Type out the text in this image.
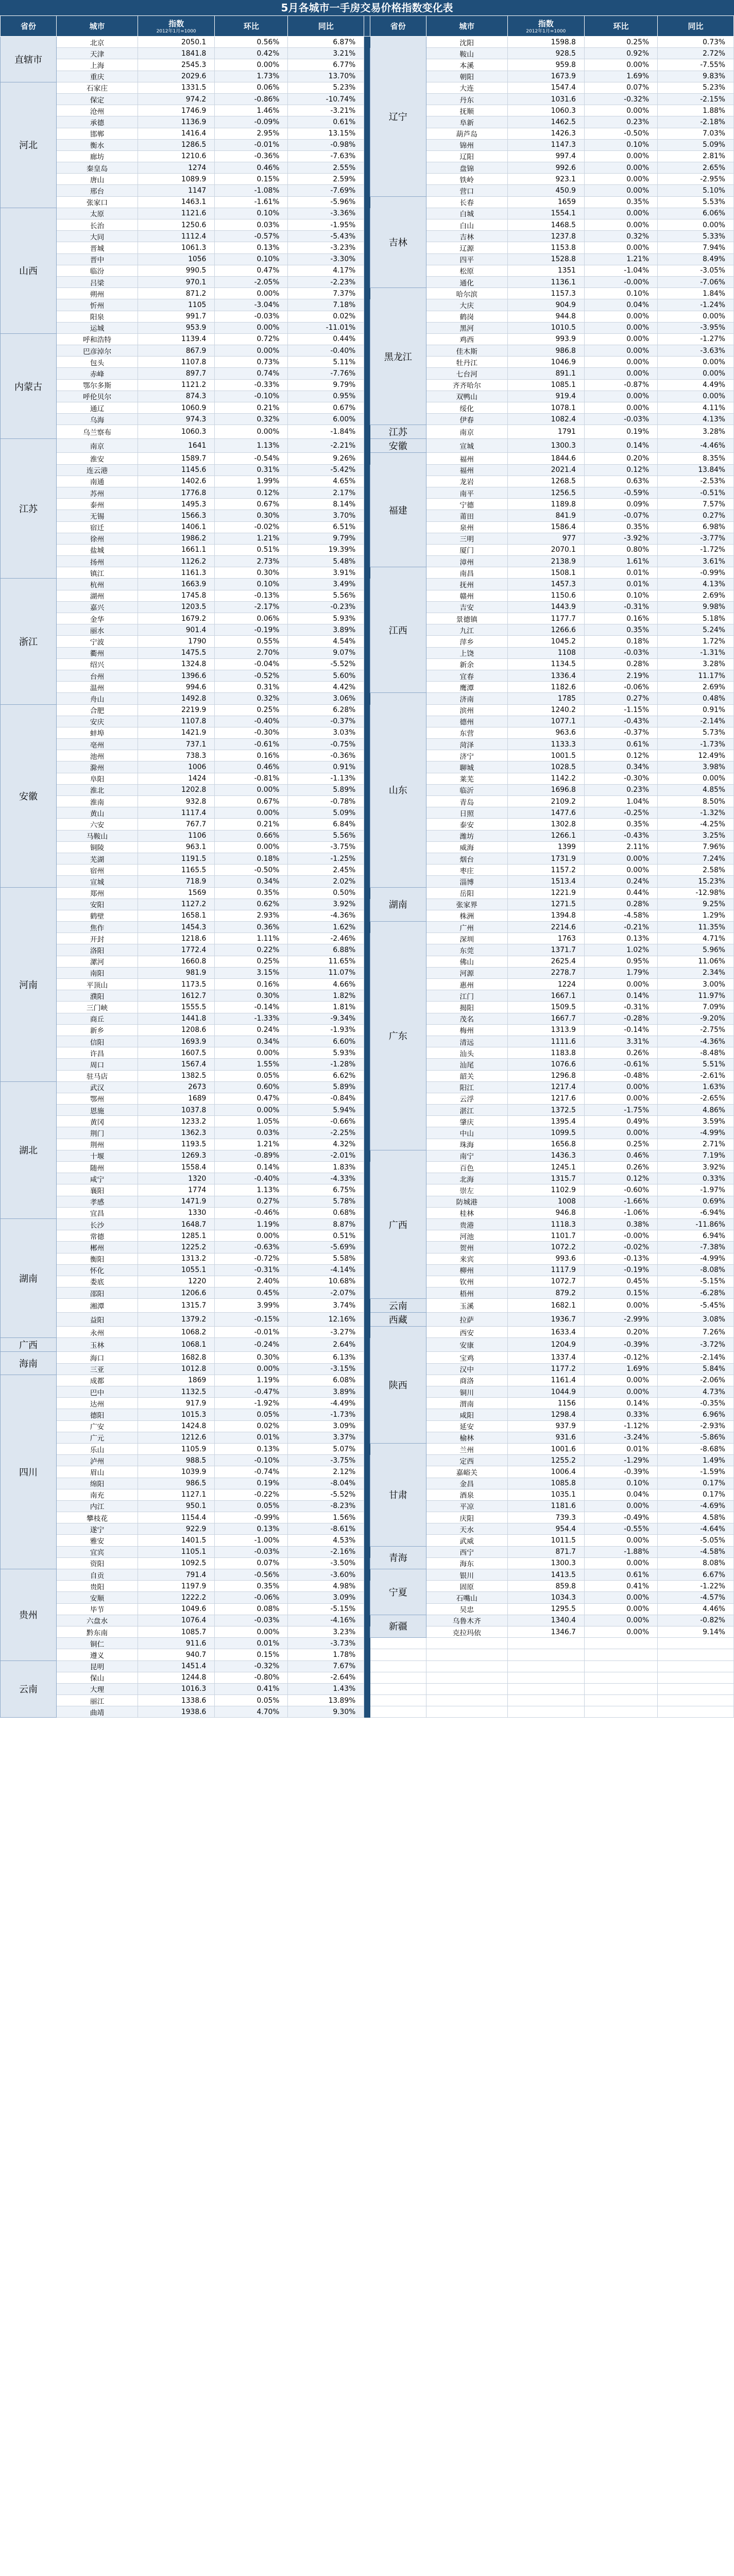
5月各城市一手房交易价格指数变化表
省份	城市	指数
2012年1月=1000	环比	同比		省份	城市	指数
2012年1月=1000	环比	同比
直辖市	北京	2050.1	0.56%	6.87%		辽宁	沈阳	1598.8	0.25%	0.73%
	天津	1841.8	0.42%	3.21%			鞍山	928.5	0.92%	2.72%
	上海	2545.3	0.00%	6.77%			本溪	959.8	0.00%	-7.55%
	重庆	2029.6	1.73%	13.70%			朝阳	1673.9	1.69%	9.83%
河北	石家庄	1331.5	0.06%	5.23%			大连	1547.4	0.07%	5.23%
	保定	974.2	-0.86%	-10.74%			丹东	1031.6	-0.32%	-2.15%
	沧州	1746.9	1.46%	-3.21%			抚顺	1060.3	0.00%	1.88%
	承德	1136.9	-0.09%	0.61%			阜新	1462.5	0.23%	-2.18%
	邯郸	1416.4	2.95%	13.15%			葫芦岛	1426.3	-0.50%	7.03%
	衡水	1286.5	-0.01%	-0.98%			锦州	1147.3	0.10%	5.09%
	廊坊	1210.6	-0.36%	-7.63%			辽阳	997.4	0.00%	2.81%
	秦皇岛	1274	0.46%	2.55%			盘锦	992.6	0.00%	2.65%
	唐山	1089.9	0.15%	2.59%			铁岭	923.1	0.00%	-2.95%
	邢台	1147	-1.08%	-7.69%			营口	450.9	0.00%	5.10%
	张家口	1463.1	-1.61%	-5.96%		吉林	长春	1659	0.35%	5.53%
山西	太原	1121.6	0.10%	-3.36%			白城	1554.1	0.00%	6.06%
	长治	1250.6	0.03%	-1.95%			白山	1468.5	0.00%	0.00%
	大同	1112.4	-0.57%	-5.43%			吉林	1237.8	0.32%	5.33%
	晋城	1061.3	0.13%	-3.23%			辽源	1153.8	0.00%	7.94%
	晋中	1056	0.10%	-3.30%			四平	1528.8	1.21%	8.49%
	临汾	990.5	0.47%	4.17%			松原	1351	-1.04%	-3.05%
	吕梁	970.1	-2.05%	-2.23%			通化	1136.1	-0.00%	-7.06%
	朔州	871.2	0.00%	7.37%		黑龙江	哈尔滨	1157.3	0.10%	1.84%
	忻州	1105	-3.04%	7.18%			大庆	904.9	0.04%	-1.24%
	阳泉	991.7	-0.03%	0.02%			鹤岗	944.8	0.00%	0.00%
	运城	953.9	0.00%	-11.01%			黑河	1010.5	0.00%	-3.95%
内蒙古	呼和浩特	1139.4	0.72%	0.44%			鸡西	993.9	0.00%	-1.27%
	巴彦淖尔	867.9	0.00%	-0.40%			佳木斯	986.8	0.00%	-3.63%
	包头	1107.8	0.73%	5.11%			牡丹江	1046.9	0.00%	0.00%
	赤峰	897.7	0.74%	-7.76%			七台河	891.1	0.00%	0.00%
	鄂尔多斯	1121.2	-0.33%	9.79%			齐齐哈尔	1085.1	-0.87%	4.49%
	呼伦贝尔	874.3	-0.10%	0.95%			双鸭山	919.4	0.00%	0.00%
	通辽	1060.9	0.21%	0.67%			绥化	1078.1	0.00%	4.11%
	乌海	974.3	0.32%	6.00%			伊春	1082.4	-0.03%	4.13%
	乌兰察布	1060.3	0.00%	-1.84%		江苏	南京	1791	0.19%	3.28%
江苏	南京	1641	1.13%	-2.21%		安徽	宣城	1300.3	0.14%	-4.46%
	淮安	1589.7	-0.54%	9.26%		福建	福州	1844.6	0.20%	8.35%
	连云港	1145.6	0.31%	-5.42%			福州	2021.4	0.12%	13.84%
	南通	1402.6	1.99%	4.65%			龙岩	1268.5	0.63%	-2.53%
	苏州	1776.8	0.12%	2.17%			南平	1256.5	-0.59%	-0.51%
	泰州	1495.3	0.67%	8.14%			宁德	1189.8	0.09%	7.57%
	无锡	1566.3	0.30%	3.70%			莆田	841.9	-0.07%	0.27%
	宿迁	1406.1	-0.02%	6.51%			泉州	1586.4	0.35%	6.98%
	徐州	1986.2	1.21%	9.79%			三明	977	-3.92%	-3.77%
	盐城	1661.1	0.51%	19.39%			厦门	2070.1	0.80%	-1.72%
	扬州	1126.2	2.73%	5.48%			漳州	2138.9	1.61%	3.61%
	镇江	1161.3	0.30%	3.91%		江西	南昌	1508.1	0.01%	-0.99%
浙江	杭州	1663.9	0.10%	3.49%			抚州	1457.3	0.01%	4.13%
	湖州	1745.8	-0.13%	5.56%			赣州	1150.6	0.10%	2.69%
	嘉兴	1203.5	-2.17%	-0.23%			吉安	1443.9	-0.31%	9.98%
	金华	1679.2	0.06%	5.93%			景德镇	1177.7	0.16%	5.18%
	丽水	901.4	-0.19%	3.89%			九江	1266.6	0.35%	5.24%
	宁波	1790	0.55%	4.54%			萍乡	1045.2	0.18%	1.72%
	衢州	1475.5	2.70%	9.07%			上饶	1108	-0.03%	-1.31%
	绍兴	1324.8	-0.04%	-5.52%			新余	1134.5	0.28%	3.28%
	台州	1396.6	-0.52%	5.60%			宜春	1336.4	2.19%	11.17%
	温州	994.6	0.31%	4.42%			鹰潭	1182.6	-0.06%	2.69%
	舟山	1492.8	0.32%	3.06%		山东	济南	1785	0.27%	0.48%
安徽	合肥	2219.9	0.25%	6.28%			滨州	1240.2	-1.15%	0.91%
	安庆	1107.8	-0.40%	-0.37%			德州	1077.1	-0.43%	-2.14%
	蚌埠	1421.9	-0.30%	3.03%			东营	963.6	-0.37%	5.73%
	亳州	737.1	-0.61%	-0.75%			菏泽	1133.3	0.61%	-1.73%
	池州	738.3	0.16%	-0.36%			济宁	1001.5	0.12%	12.49%
	滁州	1006	0.46%	0.91%			聊城	1028.5	0.34%	3.98%
	阜阳	1424	-0.81%	-1.13%			莱芜	1142.2	-0.30%	0.00%
	淮北	1202.8	0.00%	5.89%			临沂	1696.8	0.23%	4.85%
	淮南	932.8	0.67%	-0.78%			青岛	2109.2	1.04%	8.50%
	黄山	1117.4	0.00%	5.09%			日照	1477.6	-0.25%	-1.32%
	六安	767.7	0.21%	6.84%			泰安	1302.8	0.35%	-4.25%
	马鞍山	1106	0.66%	5.56%			潍坊	1266.1	-0.43%	3.25%
	铜陵	963.1	0.00%	-3.75%			威海	1399	2.11%	7.96%
	芜湖	1191.5	0.18%	-1.25%			烟台	1731.9	0.00%	7.24%
	宿州	1165.5	-0.50%	2.45%			枣庄	1157.2	0.00%	2.58%
	宣城	718.9	0.34%	2.02%			淄博	1513.4	0.24%	15.23%
河南	郑州	1569	0.35%	0.50%		湖南	岳阳	1221.9	0.44%	-12.98%
	安阳	1127.2	0.62%	3.92%			张家界	1271.5	0.28%	9.25%
	鹤壁	1658.1	2.93%	-4.36%			株洲	1394.8	-4.58%	1.29%
	焦作	1454.3	0.36%	1.62%		广东	广州	2214.6	-0.21%	11.35%
	开封	1218.6	1.11%	-2.46%			深圳	1763	0.13%	4.71%
	洛阳	1772.4	0.22%	6.88%			东莞	1371.7	1.02%	5.96%
	漯河	1660.8	0.25%	11.65%			佛山	2625.4	0.95%	11.06%
	南阳	981.9	3.15%	11.07%			河源	2278.7	1.79%	2.34%
	平顶山	1173.5	0.16%	4.66%			惠州	1224	0.00%	3.00%
	濮阳	1612.7	0.30%	1.82%			江门	1667.1	0.14%	11.97%
	三门峡	1555.5	-0.14%	1.81%			揭阳	1509.5	-0.31%	7.09%
	商丘	1441.8	-1.33%	-9.34%			茂名	1667.7	-0.28%	-9.20%
	新乡	1208.6	0.24%	-1.93%			梅州	1313.9	-0.14%	-2.75%
	信阳	1693.9	0.34%	6.60%			清远	1111.6	3.31%	-4.36%
	许昌	1607.5	0.00%	5.93%			汕头	1183.8	0.26%	-8.48%
	周口	1567.4	1.55%	-1.28%			汕尾	1076.6	-0.61%	5.51%
	驻马店	1382.5	0.05%	6.62%			韶关	1296.8	-0.48%	-2.61%
湖北	武汉	2673	0.60%	5.89%			阳江	1217.4	0.00%	1.63%
	鄂州	1689	0.47%	-0.84%			云浮	1217.6	0.00%	-2.65%
	恩施	1037.8	0.00%	5.94%			湛江	1372.5	-1.75%	4.86%
	黄冈	1233.2	1.05%	-0.66%			肇庆	1395.4	0.49%	3.59%
	荆门	1362.3	0.03%	-2.25%			中山	1099.5	0.00%	-4.99%
	荆州	1193.5	1.21%	4.32%			珠海	1656.8	0.25%	2.71%
	十堰	1269.3	-0.89%	-2.01%		广西	南宁	1436.3	0.46%	7.19%
	随州	1558.4	0.14%	1.83%			百色	1245.1	0.26%	3.92%
	咸宁	1320	-0.40%	-4.33%			北海	1315.7	0.12%	0.33%
	襄阳	1774	1.13%	6.75%			崇左	1102.9	-0.60%	-1.97%
	孝感	1471.9	0.27%	5.78%			防城港	1008	-1.66%	0.69%
	宜昌	1330	-0.46%	0.68%			桂林	946.8	-1.06%	-6.94%
湖南	长沙	1648.7	1.19%	8.87%			贵港	1118.3	0.38%	-11.86%
	常德	1285.1	0.00%	0.51%			河池	1101.7	-0.00%	6.94%
	郴州	1225.2	-0.63%	-5.69%			贺州	1072.2	-0.02%	-7.38%
	衡阳	1313.2	-0.72%	5.58%			来宾	993.6	-0.13%	-4.99%
	怀化	1055.1	-0.31%	-4.14%			柳州	1117.9	-0.19%	-8.08%
	娄底	1220	2.40%	10.68%			钦州	1072.7	0.45%	-5.15%
	邵阳	1206.6	0.45%	-2.07%			梧州	879.2	0.15%	-6.28%
	湘潭	1315.7	3.99%	3.74%		云南	玉溪	1682.1	0.00%	-5.45%
	益阳	1379.2	-0.15%	12.16%		西藏	拉萨	1936.7	-2.99%	3.08%
	永州	1068.2	-0.01%	-3.27%		陕西	西安	1633.4	0.20%	7.26%
广西	玉林	1068.1	-0.24%	2.64%			安康	1204.9	-0.39%	-3.72%
海南	海口	1682.8	0.30%	6.13%			宝鸡	1337.4	-0.12%	-2.14%
	三亚	1012.8	0.00%	-3.15%			汉中	1177.2	1.69%	5.84%
四川	成都	1869	1.19%	6.08%			商洛	1161.4	0.00%	-2.06%
	巴中	1132.5	-0.47%	3.89%			铜川	1044.9	0.00%	4.73%
	达州	917.9	-1.92%	-4.49%			渭南	1156	0.14%	-0.35%
	德阳	1015.3	0.05%	-1.73%			咸阳	1298.4	0.33%	6.96%
	广安	1424.8	0.02%	3.09%			延安	937.9	-1.12%	-2.93%
	广元	1212.6	0.01%	3.37%			榆林	931.6	-3.24%	-5.86%
	乐山	1105.9	0.13%	5.07%		甘肃	兰州	1001.6	0.01%	-8.68%
	泸州	988.5	-0.10%	-3.75%			定西	1255.2	-1.29%	1.49%
	眉山	1039.9	-0.74%	2.12%			嘉峪关	1006.4	-0.39%	-1.59%
	绵阳	986.5	0.19%	-8.04%			金昌	1085.8	0.10%	0.17%
	南充	1127.1	-0.22%	-5.52%			酒泉	1035.1	0.04%	0.17%
	内江	950.1	0.05%	-8.23%			平凉	1181.6	0.00%	-4.69%
	攀枝花	1154.4	-0.99%	1.56%			庆阳	739.3	-0.49%	4.58%
	遂宁	922.9	0.13%	-8.61%			天水	954.4	-0.55%	-4.64%
	雅安	1401.5	-1.00%	4.53%			武威	1011.5	0.00%	-5.05%
	宜宾	1105.1	-0.03%	-2.16%		青海	西宁	871.7	-1.88%	-4.58%
	资阳	1092.5	0.07%	-3.50%			海东	1300.3	0.00%	8.08%
贵州	自贡	791.4	-0.56%	-3.60%		宁夏	银川	1413.5	0.61%	6.67%
	贵阳	1197.9	0.35%	4.98%			固原	859.8	0.41%	-1.22%
	安顺	1222.2	-0.06%	3.09%			石嘴山	1034.3	0.00%	-4.57%
	毕节	1049.6	0.08%	-5.15%			吴忠	1295.5	0.00%	4.46%
	六盘水	1076.4	-0.03%	-4.16%		新疆	乌鲁木齐	1340.4	0.00%	-0.82%
	黔东南	1085.7	0.00%	3.23%			克拉玛依	1346.7	0.00%	9.14%
	铜仁	911.6	0.01%	-3.73%						
	遵义	940.7	0.15%	1.78%						
云南	昆明	1451.4	-0.32%	7.67%						
	保山	1244.8	-0.80%	-2.64%						
	大理	1016.3	0.41%	1.43%						
	丽江	1338.6	0.05%	13.89%						
	曲靖	1938.6	4.70%	9.30%						
